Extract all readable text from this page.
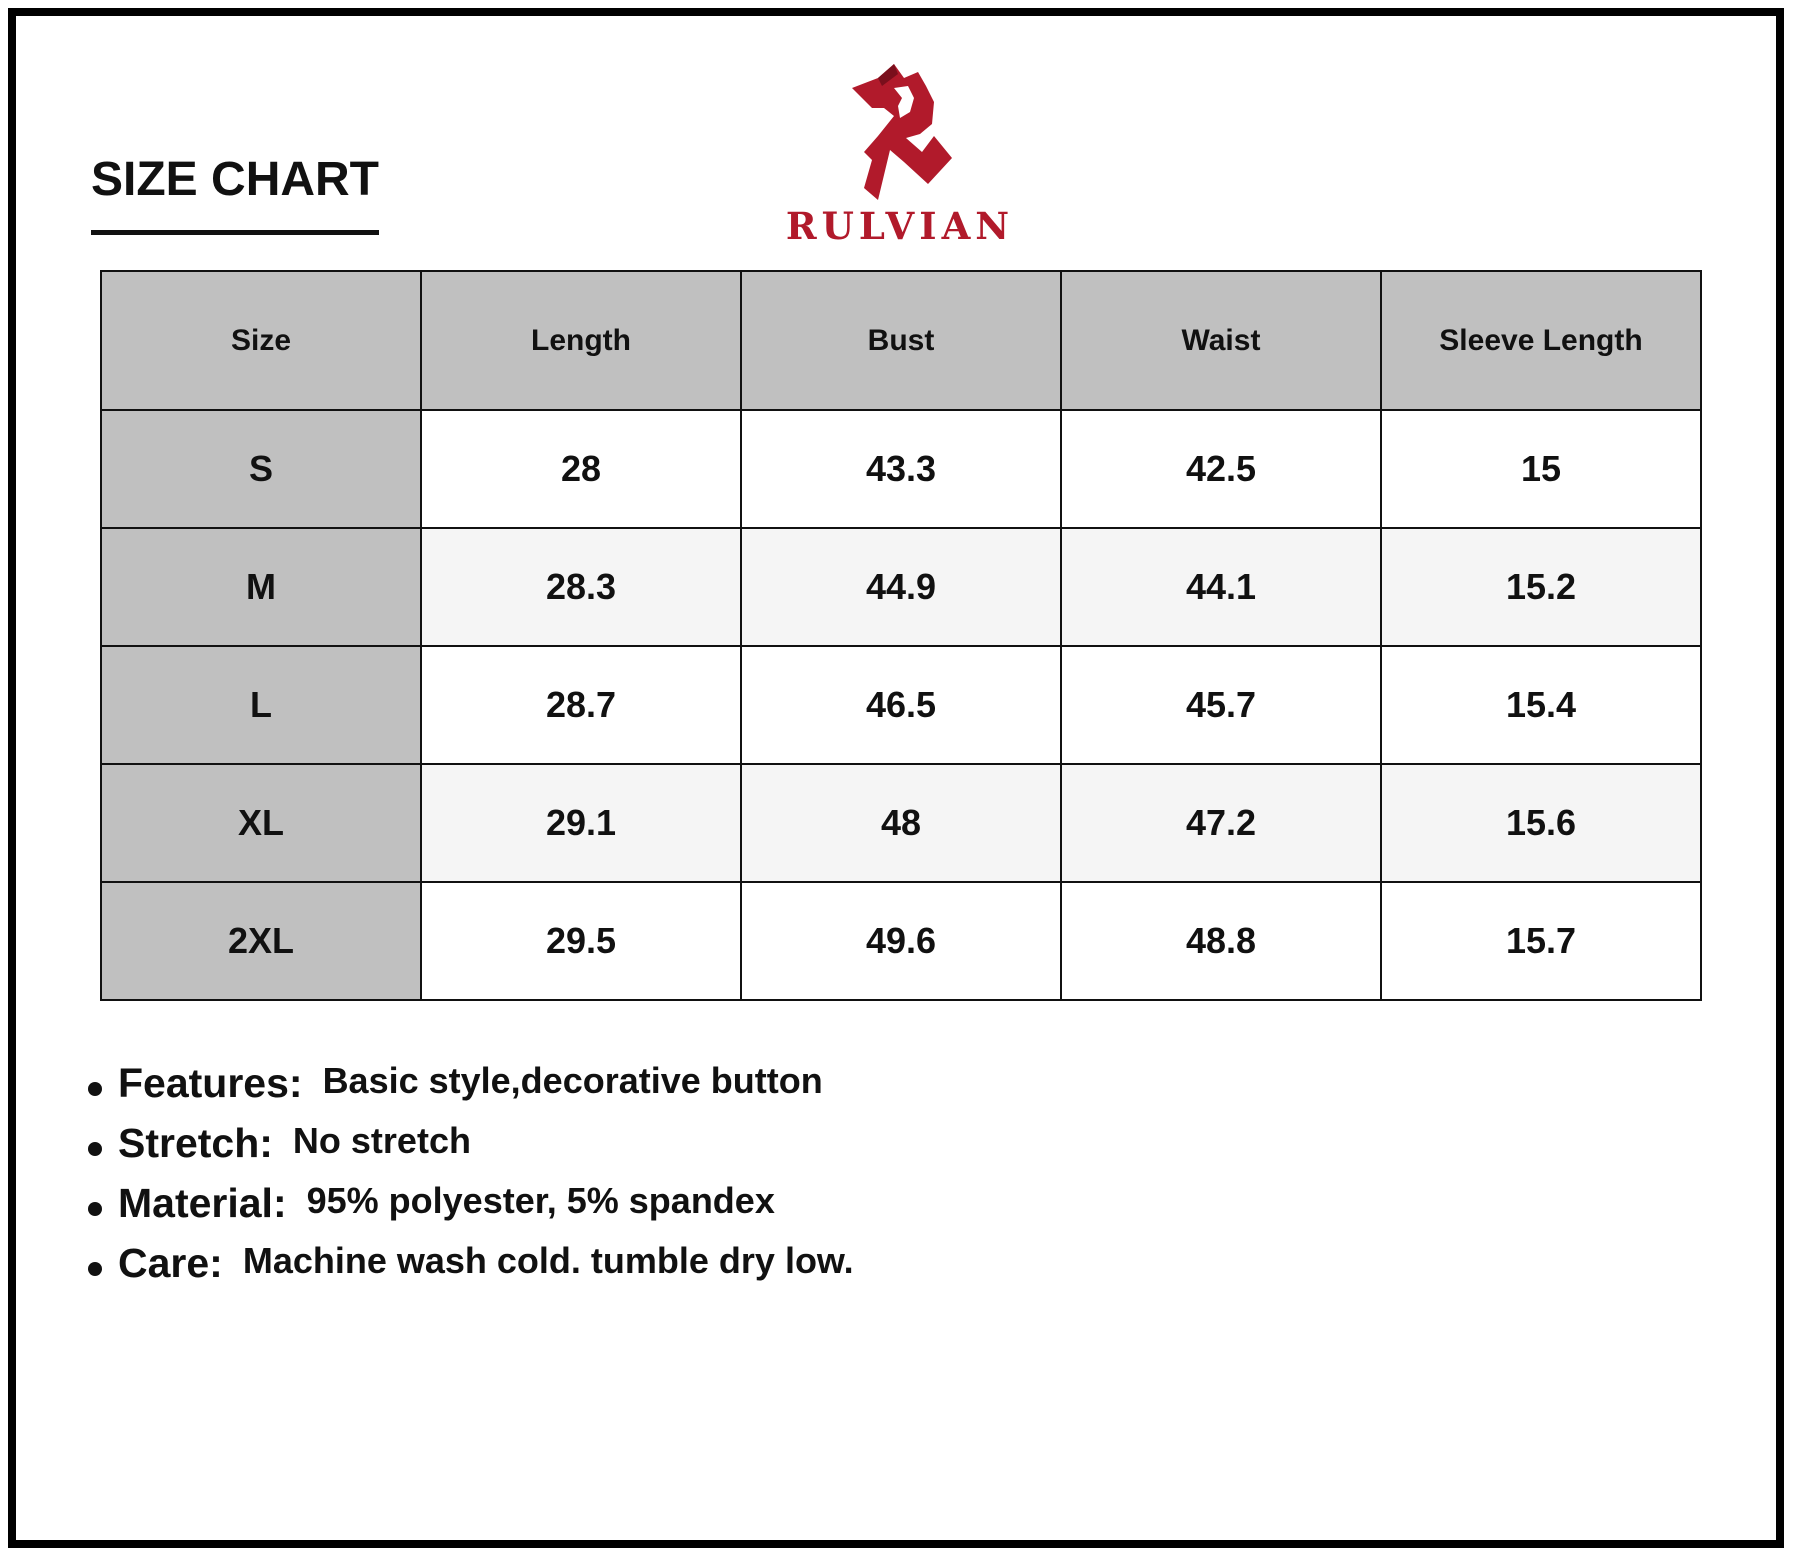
SIZE CHART
RULVIAN
Size	Length	Bust	Waist	Sleeve Length
S	28	43.3	42.5	15
M	28.3	44.9	44.1	15.2
L	28.7	46.5	45.7	15.4
XL	29.1	48	47.2	15.6
2XL	29.5	49.6	48.8	15.7
Features: Basic style,decorative button
Stretch: No stretch
Material: 95% polyester, 5% spandex
Care: Machine wash cold. tumble dry low.
